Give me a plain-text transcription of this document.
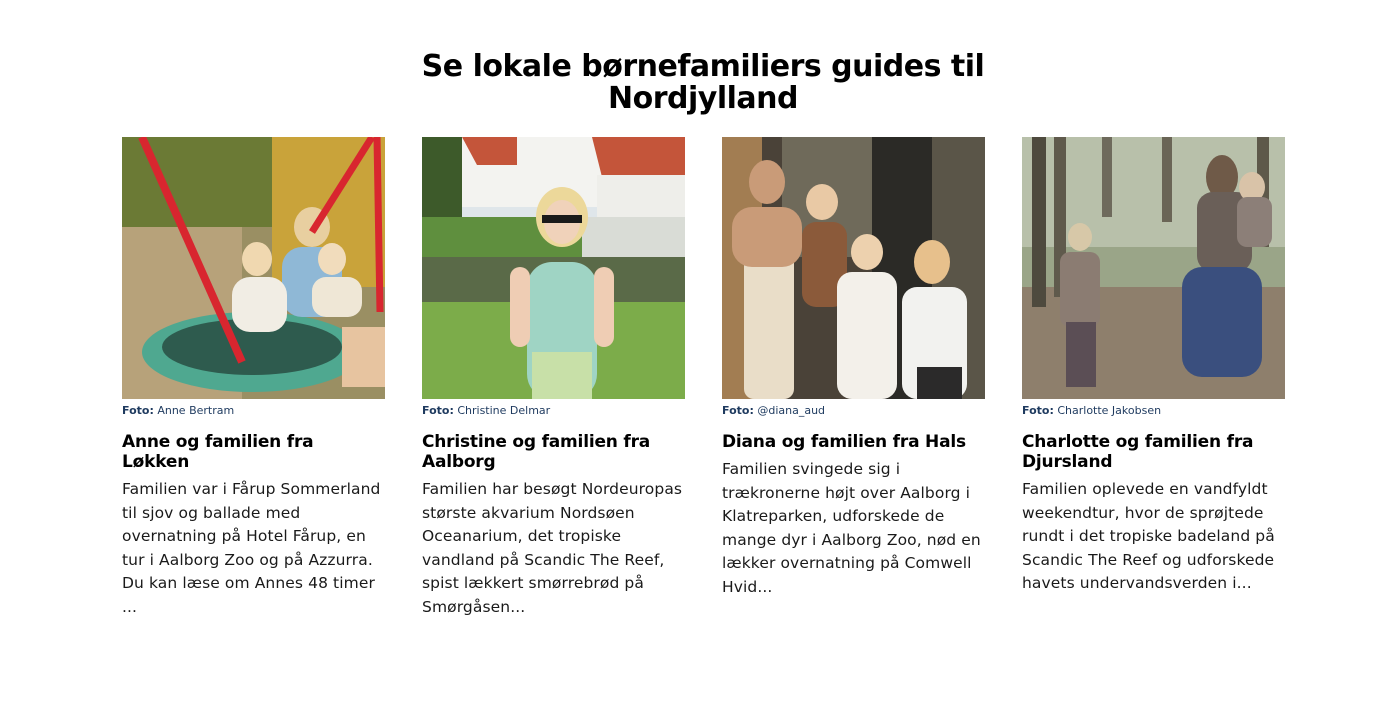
Se lokale børnefamiliers guides til
Nordjylland
Foto: Anne Bertram
Anne og familien fra Løkken

Familien var i Fårup Sommerland til sjov og ballade med overnatning på Hotel Fårup, en tur i Aalborg Zoo og på Azzurra. Du kan læse om Annes 48 timer ...

Foto: Christine Delmar
Christine og familien fra Aalborg

Familien har besøgt Nordeuropas største akvarium Nordsøen Oceanarium, det tropiske vandland på Scandic The Reef, spist lækkert smørrebrød på Smørgåsen...

Foto: @diana_aud
Diana og familien fra Hals

Familien svingede sig i trækronerne højt over Aalborg i Klatreparken, udforskede de mange dyr i Aalborg Zoo, nød en lækker overnatning på Comwell Hvid...

Foto: Charlotte Jakobsen
Charlotte og familien fra Djursland

Familien oplevede en vandfyldt weekendtur, hvor de sprøjtede rundt i det tropiske badeland på Scandic The Reef og udforskede havets undervandsverden i...
